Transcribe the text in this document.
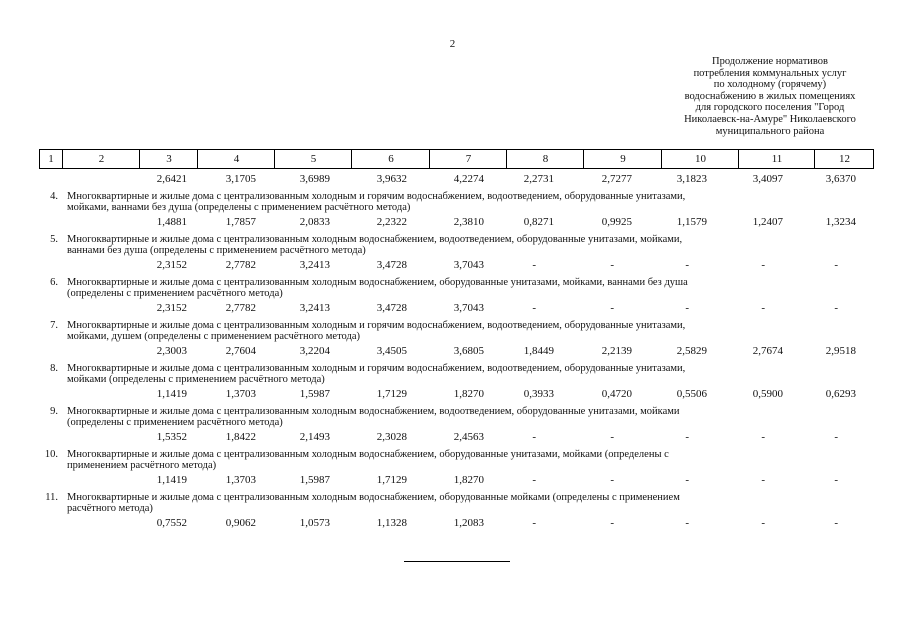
2
Продолжение нормативов
потребления коммунальных услуг
по холодному (горячему)
водоснабжению в жилых помещениях
для городского поселения "Город
Николаевск-на-Амуре" Николаевского
муниципального района
1	2	3	4	5	6	7	8	9	10	11	12
2,6421	3,1705	3,6989	3,9632	4,2274	2,2731	2,7277	3,1823	3,4097	3,6370
4. Многоквартирные и жилые дома с централизованным холодным и горячим водоснабжением, водоотведением, оборудованные унитазами,
мойками, ваннами без душа (определены с применением расчётного метода)
1,4881	1,7857	2,0833	2,2322	2,3810	0,8271	0,9925	1,1579	1,2407	1,3234
5. Многоквартирные и жилые дома с централизованным холодным водоснабжением, водоотведением, оборудованные унитазами, мойками,
ваннами без душа (определены с применением расчётного метода)
2,3152	2,7782	3,2413	3,4728	3,7043	-	-	-	-	-
6. Многоквартирные и жилые дома с централизованным холодным водоснабжением, оборудованные унитазами, мойками, ваннами без душа
(определены с применением расчётного метода)
2,3152	2,7782	3,2413	3,4728	3,7043	-	-	-	-	-
7. Многоквартирные и жилые дома с централизованным холодным и горячим водоснабжением, водоотведением, оборудованные унитазами,
мойками, душем (определены с применением расчётного метода)
2,3003	2,7604	3,2204	3,4505	3,6805	1,8449	2,2139	2,5829	2,7674	2,9518
8. Многоквартирные и жилые дома с централизованным холодным и горячим водоснабжением, водоотведением, оборудованные унитазами,
мойками (определены с применением расчётного метода)
1,1419	1,3703	1,5987	1,7129	1,8270	0,3933	0,4720	0,5506	0,5900	0,6293
9. Многоквартирные и жилые дома с централизованным холодным водоснабжением, водоотведением, оборудованные унитазами, мойками
(определены с применением расчётного метода)
1,5352	1,8422	2,1493	2,3028	2,4563	-	-	-	-	-
10. Многоквартирные и жилые дома с централизованным холодным водоснабжением, оборудованные унитазами, мойками (определены с
применением расчётного метода)
1,1419	1,3703	1,5987	1,7129	1,8270	-	-	-	-	-
11. Многоквартирные и жилые дома с централизованным холодным водоснабжением, оборудованные мойками (определены с применением
расчётного метода)
0,7552	0,9062	1,0573	1,1328	1,2083	-	-	-	-	-
